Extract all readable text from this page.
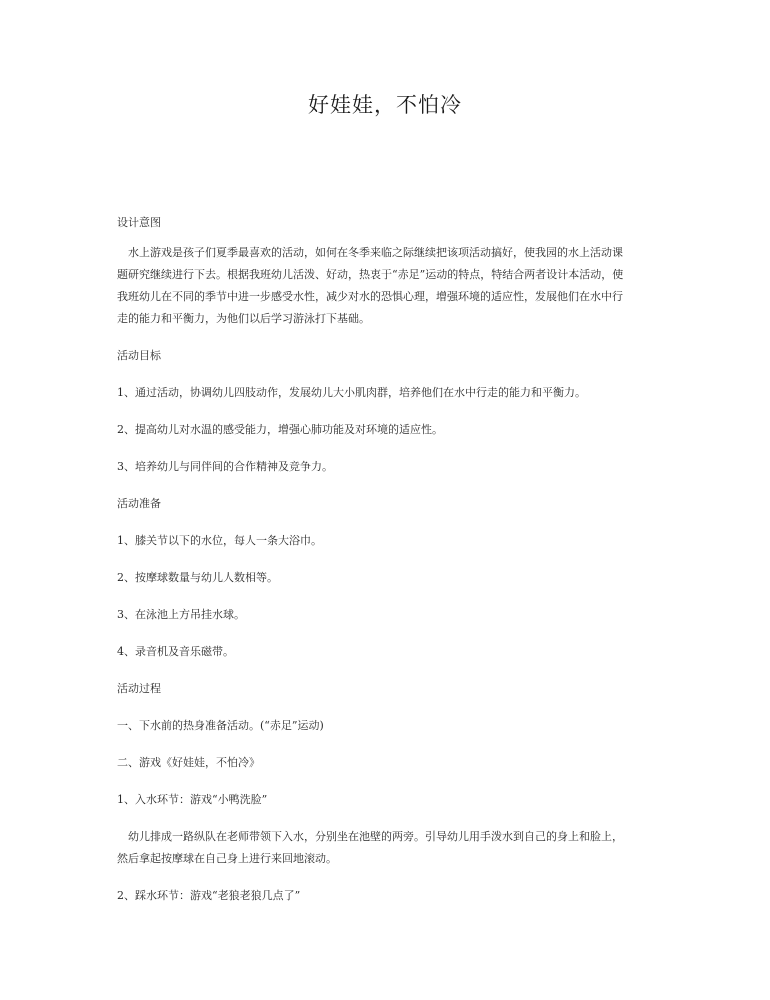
好娃娃，不怕冷

设计意图

水上游戏是孩子们夏季最喜欢的活动，如何在冬季来临之际继续把该项活动搞好，使我园的水上活动课

题研究继续进行下去。根据我班幼儿活泼、好动，热衷于“赤足”运动的特点，特结合两者设计本活动，使

我班幼儿在不同的季节中进一步感受水性，减少对水的恐惧心理，增强环境的适应性，发展他们在水中行

走的能力和平衡力，为他们以后学习游泳打下基础。

活动目标

1、通过活动，协调幼儿四肢动作，发展幼儿大小肌肉群，培养他们在水中行走的能力和平衡力。

2、提高幼儿对水温的感受能力，增强心肺功能及对环境的适应性。

3、培养幼儿与同伴间的合作精神及竞争力。

活动准备

1、膝关节以下的水位，每人一条大浴巾。

2、按摩球数量与幼儿人数相等。

3、在泳池上方吊挂水球。

4、录音机及音乐磁带。

活动过程

一、下水前的热身准备活动。(“赤足”运动)

二、游戏《好娃娃，不怕冷》

1、入水环节：游戏“小鸭洗脸”

幼儿排成一路纵队在老师带领下入水，分别坐在池壁的两旁。引导幼儿用手泼水到自己的身上和脸上，

然后拿起按摩球在自己身上进行来回地滚动。

2、踩水环节：游戏“老狼老狼几点了”
